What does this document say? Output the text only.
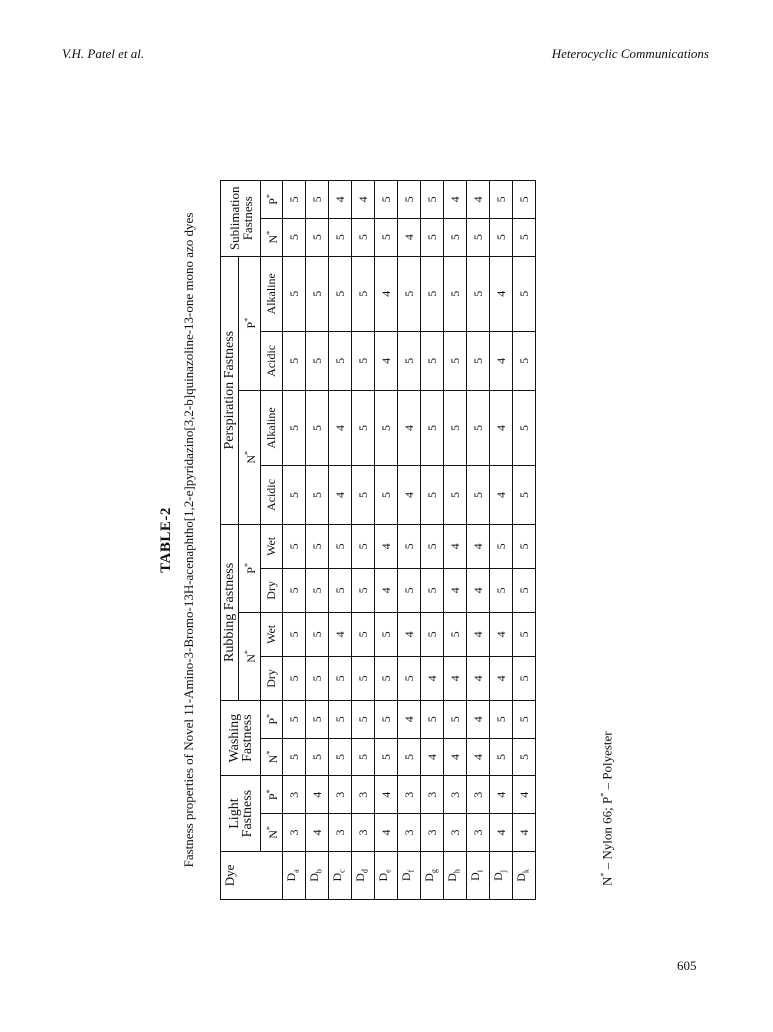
V.H. Patel et al.	Heterocyclic Communications
TABLE-2 Fastness properties of Novel 11-Amino-3-Bromo-13H-acenaphtho[1,2-e]pyridazino[3,2-b]quinazoline-13-one mono azo dyes
Dye	Light Fastness		Washing Fastness		Rubbing Fastness				Perspiration Fastness				Sublimation Fastness	
					N*		P*		N*		P*
	N*	P*	N*	P*	Dry	Wet	Dry	Wet	Acidic	Alkaline	Acidic	Alkaline	N*	P*
$D_a$	3	3	5	5	5	5	5	5	5	5	5	5	5	5
$D_b$	4	4	5	5	5	5	5	5	5	5	5	5	5	5
$D_c$	3	3	5	5	5	4	5	5	4	4	5	5	5	4
$D_d$	3	3	5	5	5	5	5	5	5	5	5	5	5	4
$D_e$	4	4	5	5	5	5	4	4	5	5	4	4	5	5
$D_f$	3	3	5	4	5	4	5	5	4	4	5	5	4	5
$D_g$	3	3	4	5	4	5	5	5	5	5	5	5	5	5
$D_h$	3	3	4	5	4	5	4	4	5	5	5	5	5	4
$D_i$	3	3	4	4	4	4	4	4	5	5	5	5	5	4
$D_j$	4	4	5	5	4	4	5	5	4	4	4	4	5	5
$D_k$	4	4	5	5	5	5	5	5	5	5	5	5	5	5
N* – Nylon 66; P* – Polyester
605
